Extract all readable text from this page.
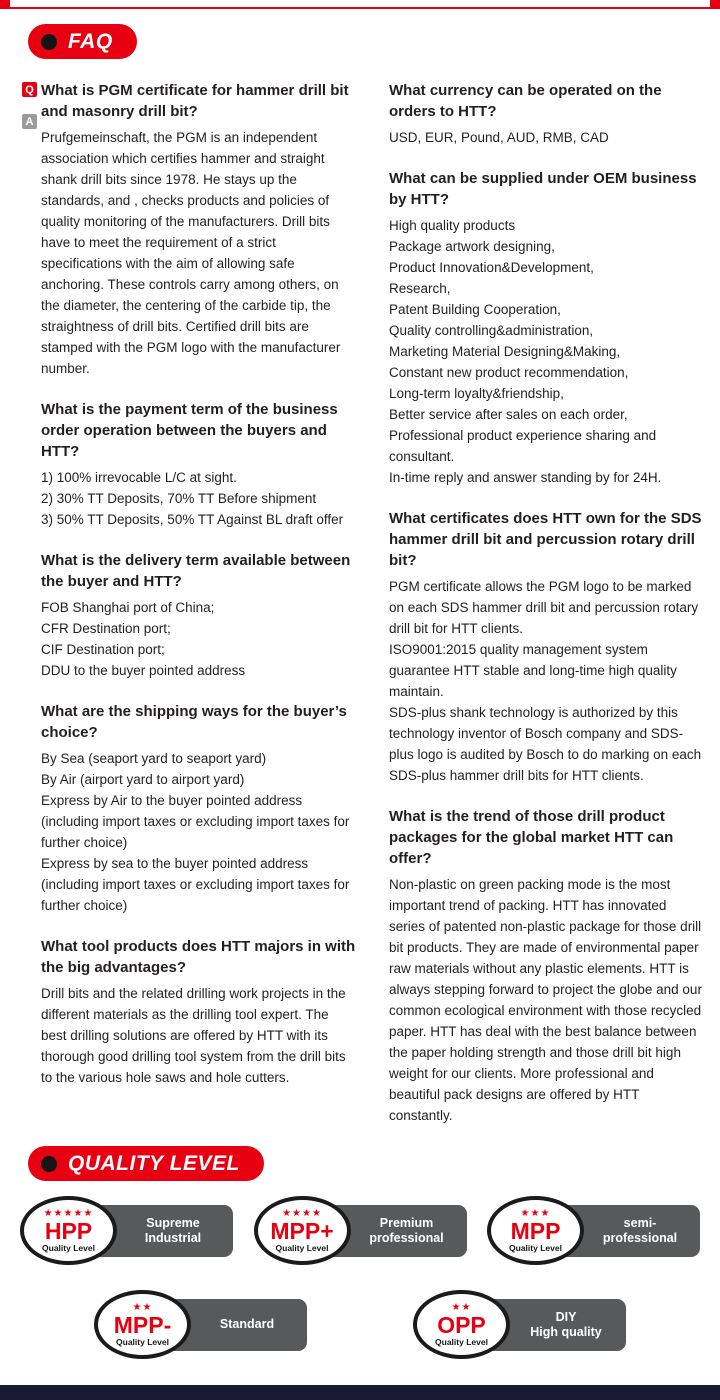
FAQ
Q
A
What is PGM certificate for hammer drill bit and masonry drill bit?
Prufgemeinschaft, the PGM is an independent association which certifies hammer and straight shank drill bits since 1978. He stays up the standards, and , checks products and policies of quality monitoring of the manufacturers. Drill bits have to meet the requirement of a strict specifications with the aim of allowing safe anchoring. These controls carry among others, on the diameter, the centering of the carbide tip, the straightness of drill bits. Certified drill bits are stamped with the PGM logo with the manufacturer number.
What is the payment term of the business order operation between the buyers and HTT?
1) 100% irrevocable L/C at sight.
2) 30% TT Deposits, 70% TT Before shipment
3) 50% TT Deposits, 50% TT Against BL draft offer
What is the delivery term available between the buyer and HTT?
FOB Shanghai port of China;
CFR Destination port;
CIF Destination port;
DDU to the buyer pointed address
What are the shipping ways for the buyer’s choice?
By Sea (seaport yard to seaport yard)
By Air (airport yard to airport yard)
Express by Air to the buyer pointed address (including import taxes or excluding import taxes for further choice)
Express by sea to the buyer pointed address (including import taxes or excluding import taxes for further choice)
What tool products does HTT majors in with the big advantages?
Drill bits and the related drilling work projects in the different materials as the drilling tool expert. The best drilling solutions are offered by HTT with its thorough good drilling tool system from the drill bits to the various hole saws and hole cutters.
What currency can be operated on the orders to HTT?
USD, EUR, Pound, AUD, RMB, CAD
What can be supplied under OEM business by HTT?
High quality products
Package artwork designing,
Product Innovation&Development,
Research,
Patent Building Cooperation,
Quality controlling&administration,
Marketing Material Designing&Making,
Constant new product recommendation,
Long-term loyalty&friendship,
Better service after sales on each order,
Professional product experience sharing and consultant.
In-time reply and answer standing by for 24H.
What certificates does HTT own for the SDS hammer drill bit and percussion rotary drill bit?
PGM certificate allows the PGM logo to be marked on each SDS hammer drill bit and percussion rotary drill bit for HTT clients.
ISO9001:2015 quality management system guarantee HTT stable and long-time high quality maintain.
SDS-plus shank technology is authorized by this technology inventor of Bosch company and SDS-plus logo is audited by Bosch to do marking on each SDS-plus hammer drill bits for HTT clients.
What is the trend of those drill product packages for the global market HTT can offer?
Non-plastic on green packing mode is the most important trend of packing. HTT has innovated series of patented non-plastic package for those drill bit products. They are made of environmental paper raw materials without any plastic elements. HTT is always stepping forward to project the globe and our common ecological environment with those recycled paper. HTT has deal with the best balance between the paper holding strength and those drill bit high weight for our clients. More professional and beautiful pack designs are offered by HTT constantly.
QUALITY LEVEL
★★★★★
HPP
Quality Level
Supreme
Industrial
★★★★
MPP+
Quality Level
Premium
professional
★★★
MPP
Quality Level
semi-
professional
★★
MPP-
Quality Level
Standard
★★
OPP
Quality Level
DIY
High quality
